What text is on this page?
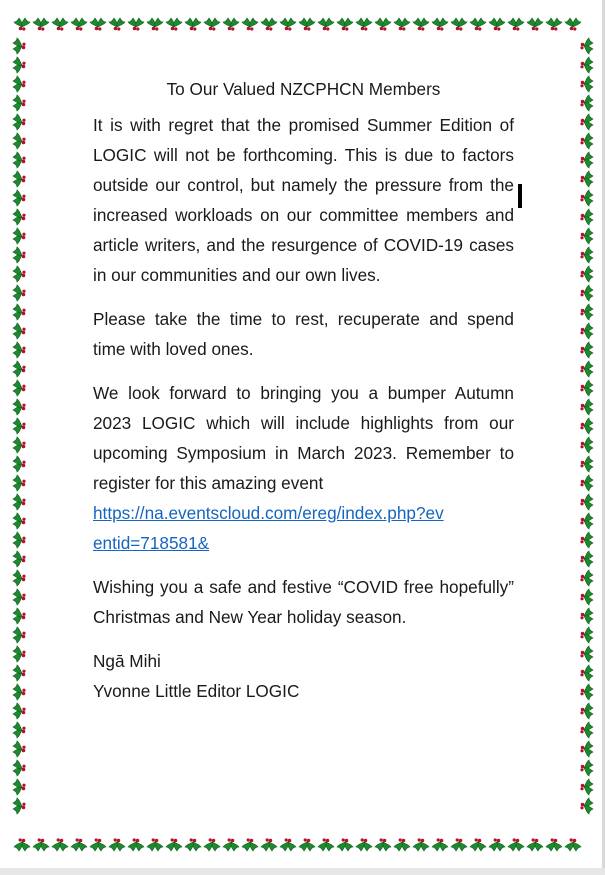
To Our Valued NZCPHCN Members

It is with regret that the promised Summer Edition of LOGIC will not be forthcoming. This is due to factors outside our control, but namely the pressure from the increased workloads on our committee members and article writers, and the resurgence of COVID-19 cases in our communities and our own lives.

Please take the time to rest, recuperate and spend time with loved ones.

We look forward to bringing you a bumper Autumn 2023 LOGIC which will include highlights from our upcoming Symposium in March 2023. Remember to register for this amazing event
https://na.eventscloud.com/ereg/index.php?ev
entid=718581&

Wishing you a safe and festive “COVID free hopefully” Christmas and New Year holiday season.

Ngā Mihi

Yvonne Little Editor LOGIC
